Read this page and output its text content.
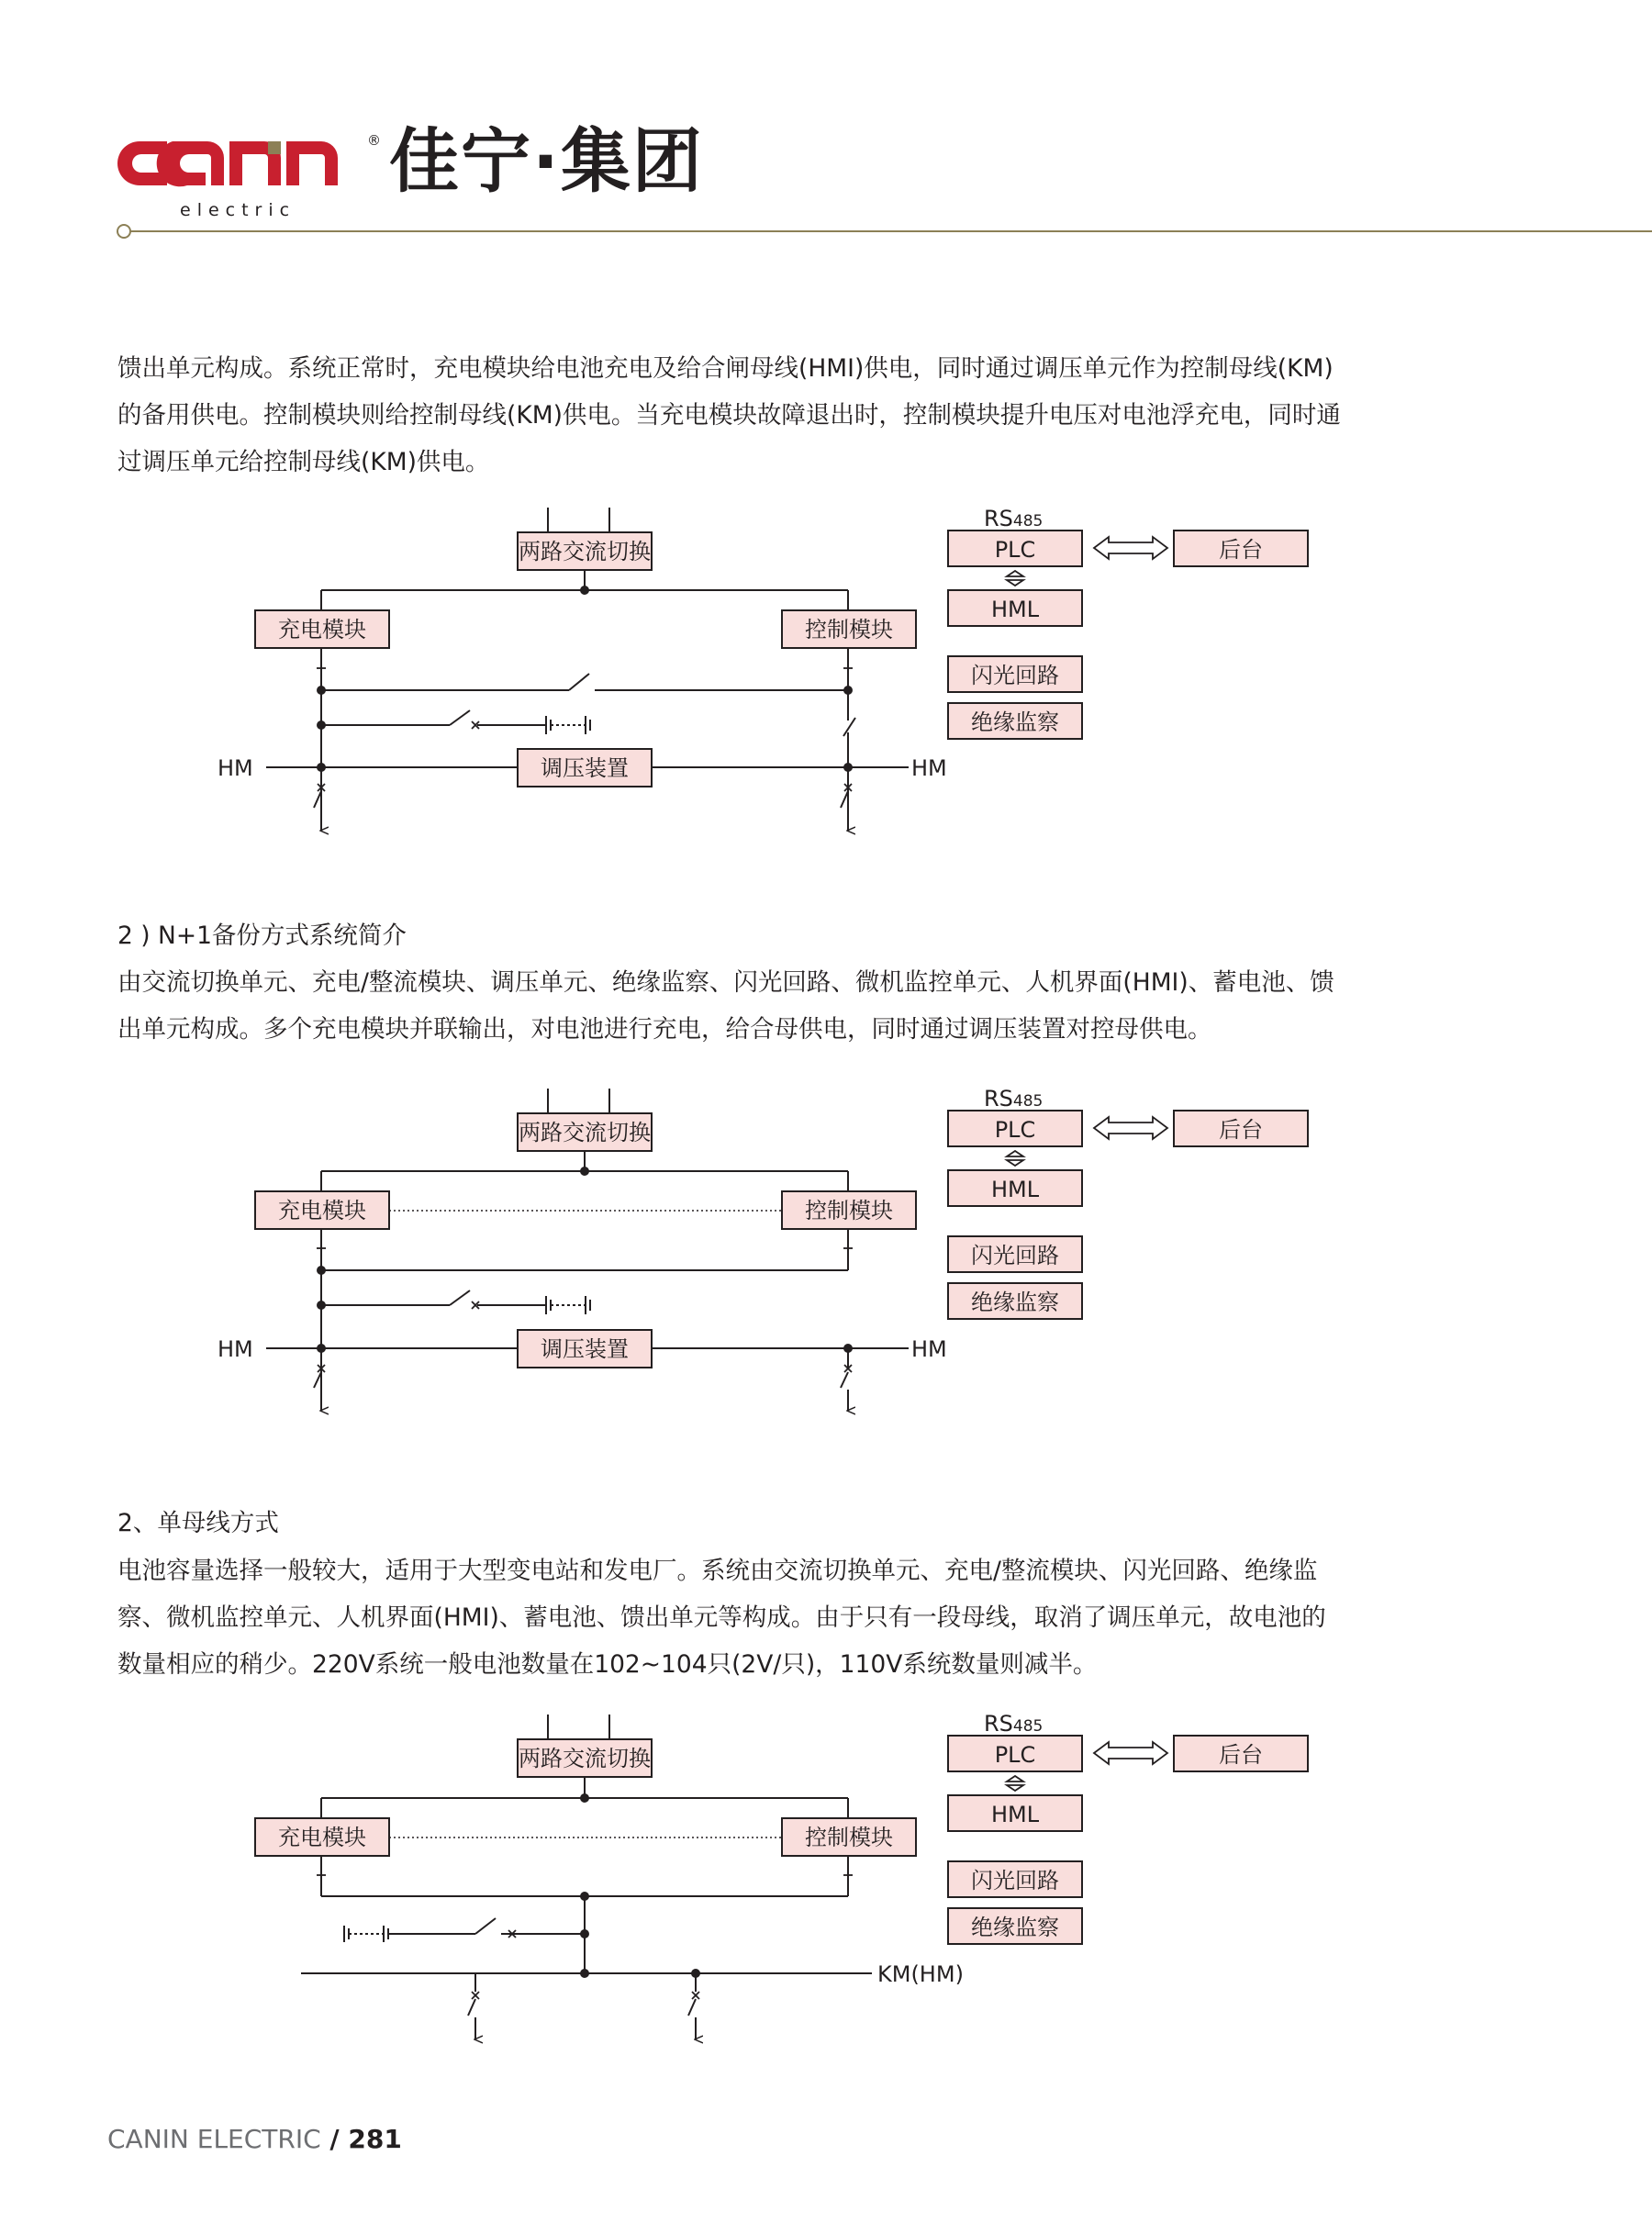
® 佳宁·集团
electric
馈出单元构成。系统正常时，充电模块给电池充电及给合闸母线(HMI)供电，同时通过调压单元作为控制母线(KM)
的备用供电。控制模块则给控制母线(KM)供电。当充电模块故障退出时，控制模块提升电压对电池浮充电，同时通
过调压单元给控制母线(KM)供电。
两路交流切换
充电模块	控制模块
调压装置
PLC	后台
HML
闪光回路
绝缘监察
HM	HM
RS485
2 ) N+1备份方式系统简介
由交流切换单元、充电/整流模块、调压单元、绝缘监察、闪光回路、微机监控单元、人机界面(HMI)、蓄电池、馈
出单元构成。多个充电模块并联输出，对电池进行充电，给合母供电，同时通过调压装置对控母供电。
两路交流切换
充电模块	控制模块
调压装置
PLC	后台
HML
闪光回路
绝缘监察
HM	HM
RS485
2、单母线方式
电池容量选择一般较大，适用于大型变电站和发电厂。系统由交流切换单元、充电/整流模块、闪光回路、绝缘监
察、微机监控单元、人机界面(HMI)、蓄电池、馈出单元等构成。由于只有一段母线，取消了调压单元，故电池的
数量相应的稍少。220V系统一般电池数量在102~104只(2V/只)，110V系统数量则减半。
两路交流切换
充电模块	控制模块
PLC	后台
HML
闪光回路
绝缘监察
KM(HM)
RS485
CANIN ELECTRIC / 281
